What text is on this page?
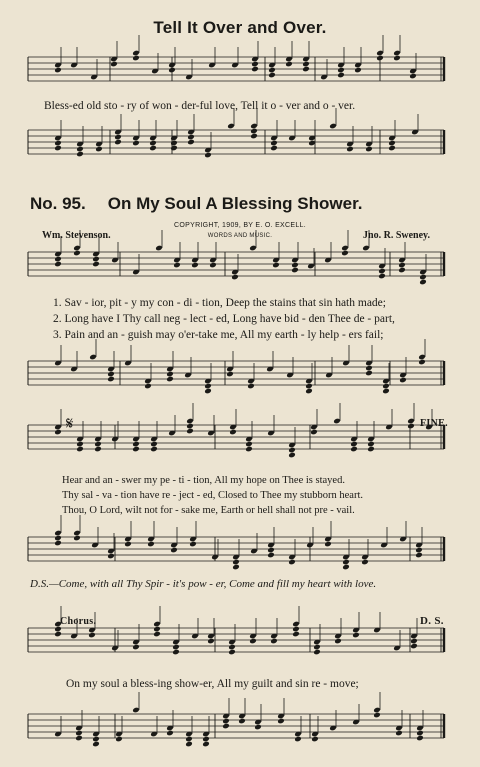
Tell It Over and Over.
Bless-ed old sto - ry of won - der-ful love, Tell it o - ver and o - ver.
No. 95. On My Soul A Blessing Shower.
COPYRIGHT, 1909, BY E. O. EXCELL.
WORDS AND MUSIC.
Wm. Stevenson.	Jno. R. Sweney.
1. Sav - ior, pit - y my con - di - tion, Deep the stains that sin hath made;
2. Long have I Thy call neg - lect - ed, Long have bid - den Thee de - part,
3. Pain and an - guish may o'er-take me, All my earth - ly help - ers fail;
𝄋	FINE.
Hear and an - swer my pe - ti - tion, All my hope on Thee is stayed.
Thy sal - va - tion have re - ject - ed, Closed to Thee my stubborn heart.
Thou, O Lord, wilt not for - sake me, Earth or hell shall not pre - vail.
D.S.—Come, with all Thy Spir - it's pow - er, Come and fill my heart with love.
Chorus.	D. S.
On my soul a bless-ing show-er, All my guilt and sin re - move;
